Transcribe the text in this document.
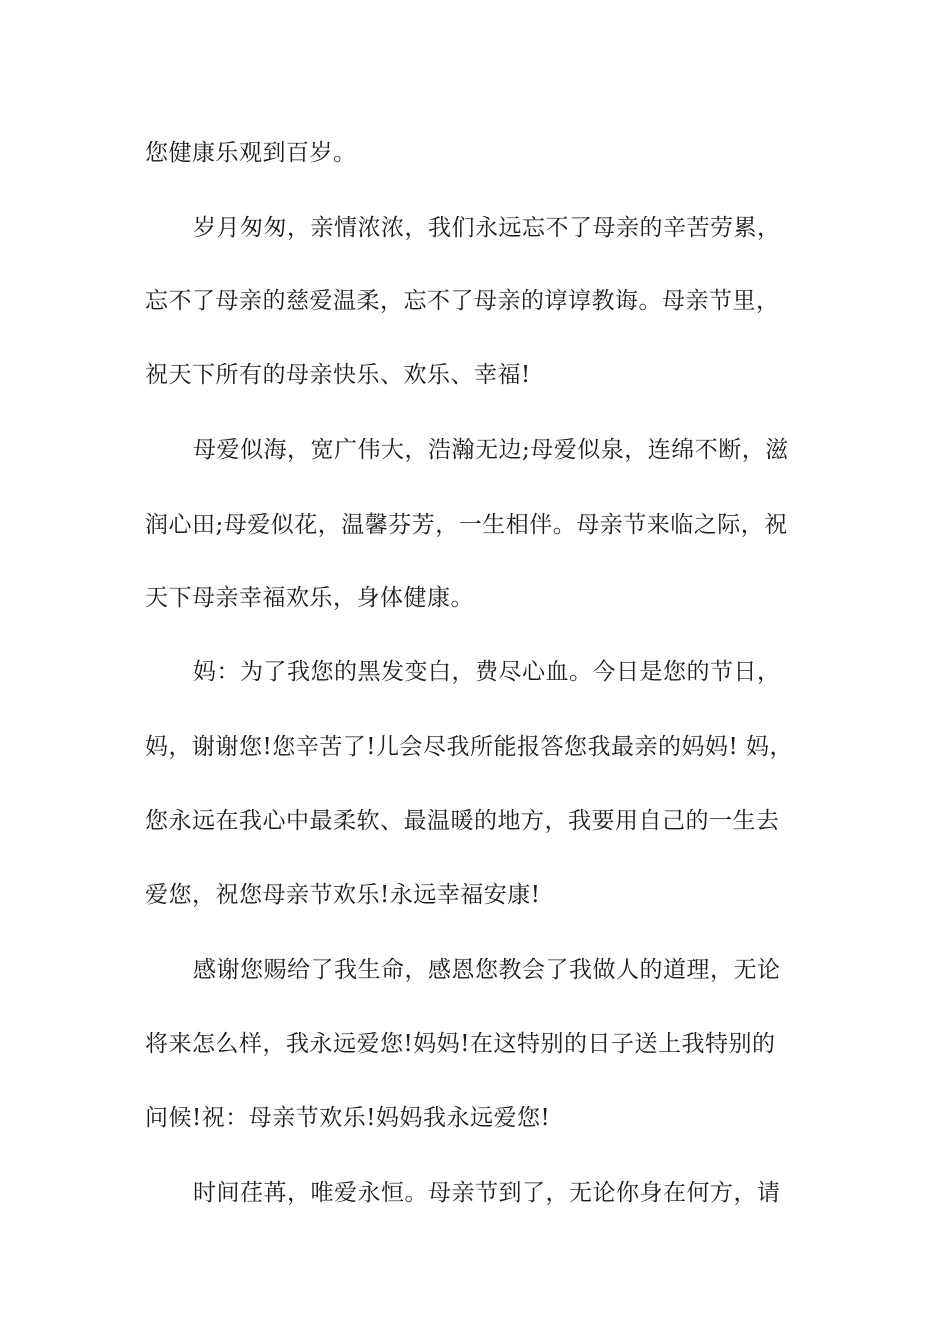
您健康乐观到百岁。
岁月匆匆，亲情浓浓，我们永远忘不了母亲的辛苦劳累，
忘不了母亲的慈爱温柔，忘不了母亲的谆谆教诲。母亲节里，
祝天下所有的母亲快乐、欢乐、幸福!
母爱似海，宽广伟大，浩瀚无边;母爱似泉，连绵不断，滋
润心田;母爱似花，温馨芬芳，一生相伴。母亲节来临之际，祝
天下母亲幸福欢乐，身体健康。
妈：为了我您的黑发变白，费尽心血。今日是您的节日，
妈，谢谢您!您辛苦了!儿会尽我所能报答您我最亲的妈妈! 妈，
您永远在我心中最柔软、最温暖的地方，我要用自己的一生去
爱您，祝您母亲节欢乐!永远幸福安康!
感谢您赐给了我生命，感恩您教会了我做人的道理，无论
将来怎么样，我永远爱您!妈妈!在这特别的日子送上我特别的
问候!祝：母亲节欢乐!妈妈我永远爱您!
时间荏苒，唯爱永恒。母亲节到了，无论你身在何方，请
